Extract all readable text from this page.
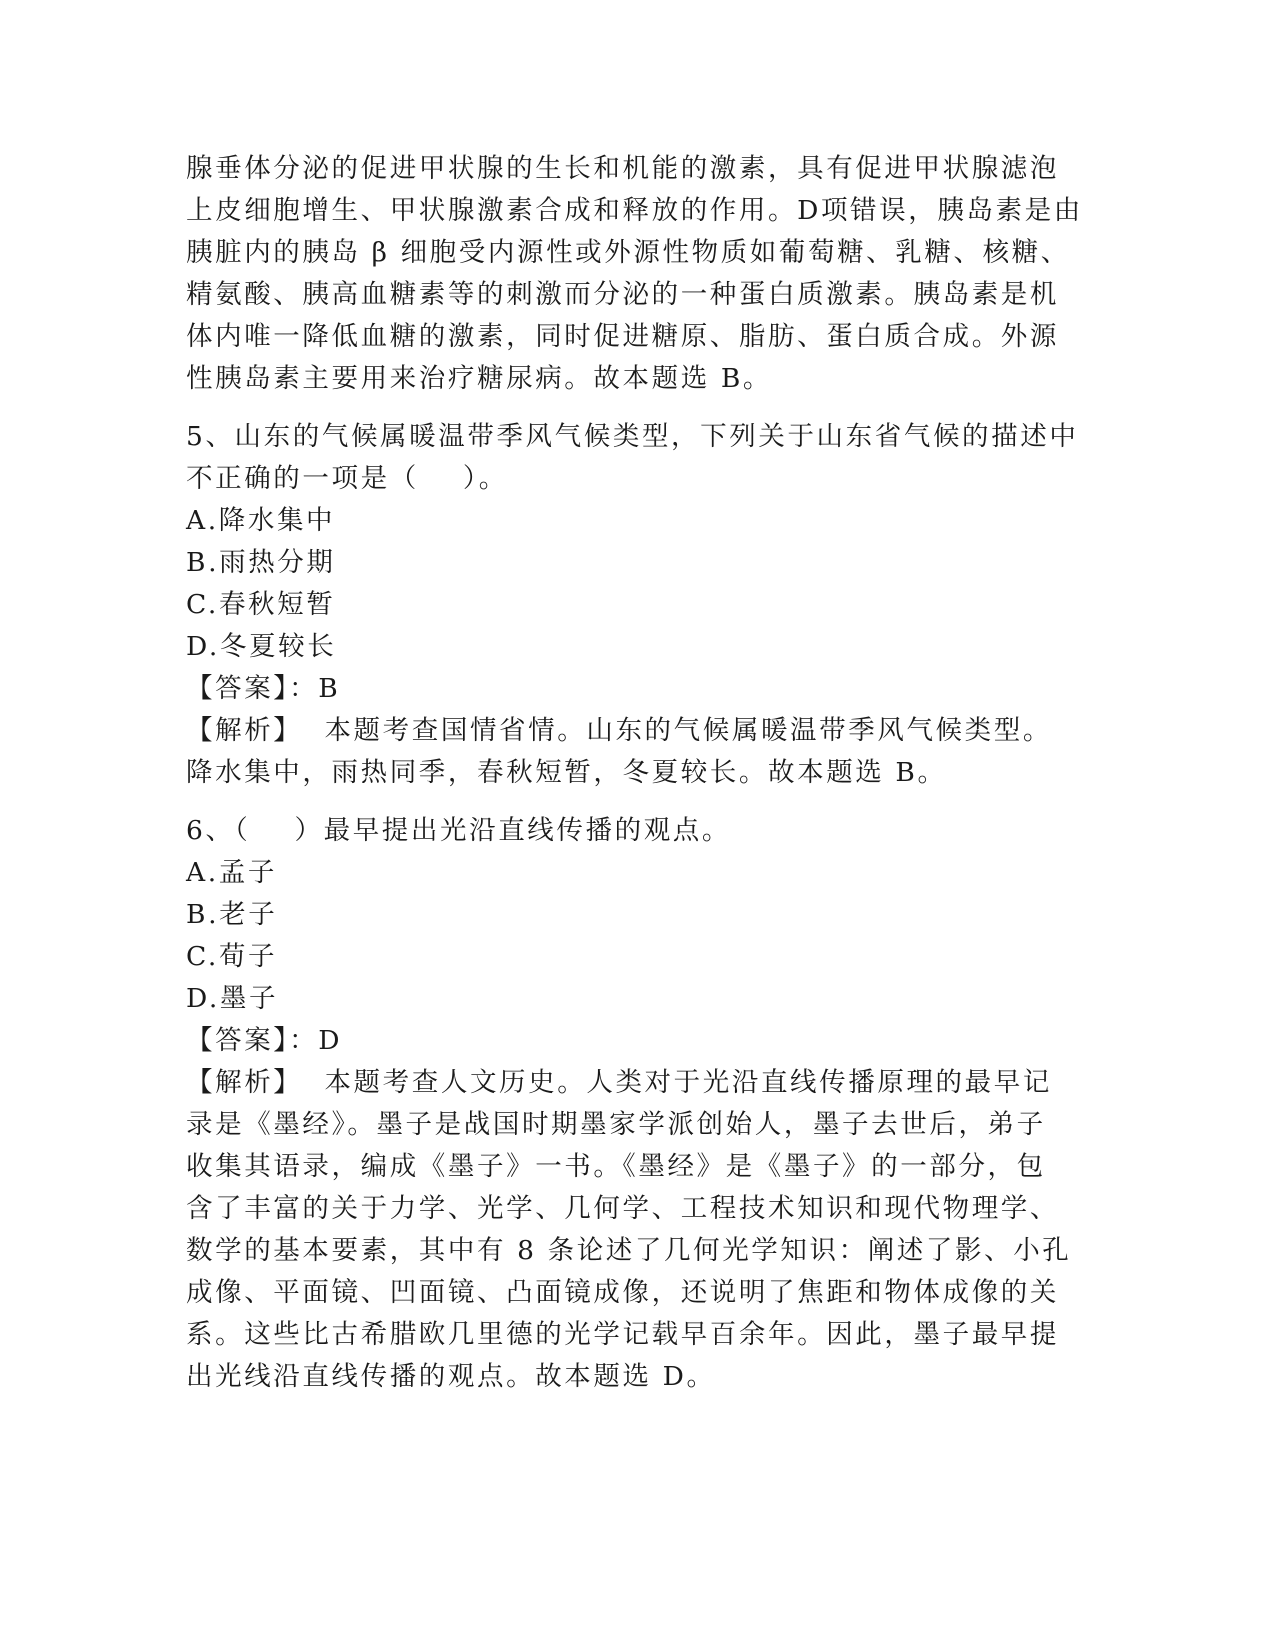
腺垂体分泌的促进甲状腺的生长和机能的激素，具有促进甲状腺滤泡
上皮细胞增生、甲状腺激素合成和释放的作用。D项错误，胰岛素是由
胰脏内的胰岛 β 细胞受内源性或外源性物质如葡萄糖、乳糖、核糖、
精氨酸、胰高血糖素等的刺激而分泌的一种蛋白质激素。胰岛素是机
体内唯一降低血糖的激素，同时促进糖原、脂肪、蛋白质合成。外源
性胰岛素主要用来治疗糖尿病。故本题选 B。
5、山东的气候属暖温带季风气候类型，下列关于山东省气候的描述中
不正确的一项是（    ）。
A.降水集中
B.雨热分期
C.春秋短暂
D.冬夏较长
【答案】：B
【解析】  本题考查国情省情。山东的气候属暖温带季风气候类型。
降水集中，雨热同季，春秋短暂，冬夏较长。故本题选 B。
6、（    ）最早提出光沿直线传播的观点。
A.孟子
B.老子
C.荀子
D.墨子
【答案】：D
【解析】  本题考查人文历史。人类对于光沿直线传播原理的最早记
录是《墨经》。墨子是战国时期墨家学派创始人，墨子去世后，弟子
收集其语录，编成《墨子》一书。《墨经》是《墨子》的一部分，包
含了丰富的关于力学、光学、几何学、工程技术知识和现代物理学、
数学的基本要素，其中有 8 条论述了几何光学知识：阐述了影、小孔
成像、平面镜、凹面镜、凸面镜成像，还说明了焦距和物体成像的关
系。这些比古希腊欧几里德的光学记载早百余年。因此，墨子最早提
出光线沿直线传播的观点。故本题选 D。
